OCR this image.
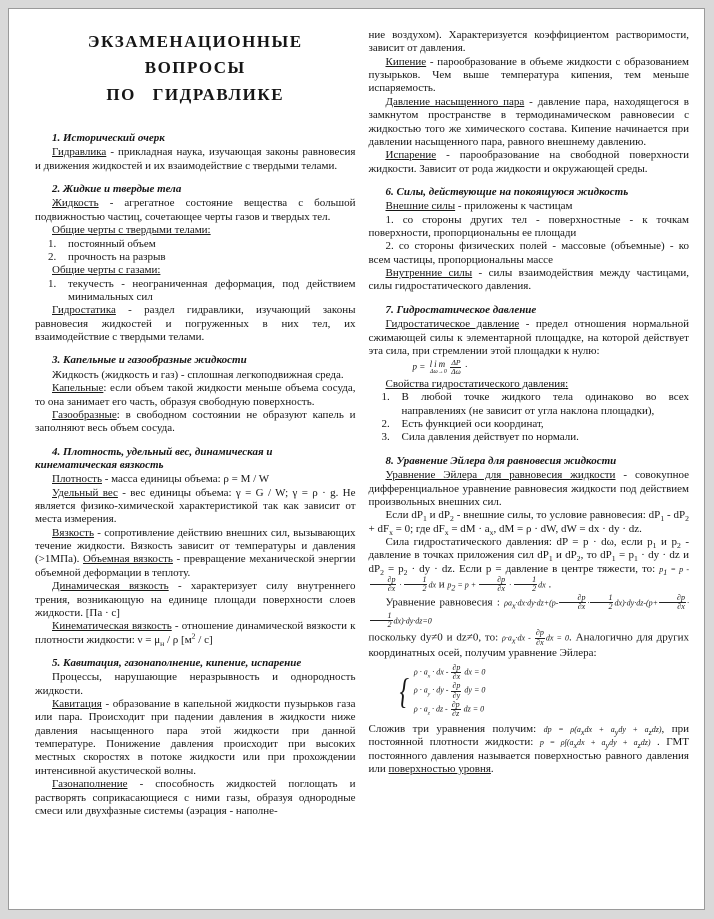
ЭКЗАМЕНАЦИОННЫЕ ВОПРОСЫ
ПО ГИДРАВЛИКЕ
1. Исторический очерк
Гидравлика - прикладная наука, изучающая законы равновесия и движения жидкостей и их взаимодействие с твердыми телами.
2. Жидкие и твердые тела
Жидкость - агрегатное состояние вещества с большой подвижностью частиц, сочетающее черты газов и твердых тел.
Общие черты с твердыми телами:
1.	постоянный объем
2.	прочность на разрыв
Общие черты с газами:
1.	текучесть - неограниченная деформация, под действием минимальных сил
Гидростатика - раздел гидравлики, изучающий законы равновесия жидкостей и погруженных в них тел, их взаимодействие с твердыми телами.
3. Капельные и газообразные жидкости
Жидкость (жидкость и газ) - сплошная легкоподвижная среда.
Капельные: если объем такой жидкости меньше объема сосуда, то она занимает его часть, образуя свободную поверхность.
Газообразные: в свободном состоянии не образуют капель и заполняют весь объем сосуда.
4. Плотность, удельный вес, динамическая и кинематическая вязкость
Плотность - масса единицы объема: ρ = M / W
Удельный вес - вес единицы объема: γ = G / W; γ = ρ · g. Не является физико-химической характеристикой так как зависит от места измерения.
Вязкость - сопротивление действию внешних сил, вызывающих течение жидкости. Вязкость зависит от температуры и давления (>1МПа). Объемная вязкость - превращение механической энергии объемной деформации в теплоту.
Динамическая вязкость - характеризует силу внутреннего трения, возникающую на единице площади поверхности слоев жидкости. [Па · с]
Кинематическая вязкость - отношение динамической вязкости к плотности жидкости: $\nu = \mu_н / \rho$ $[м^2 / с]$
5. Кавитация, газонаполнение, кипение, испарение
Процессы, нарушающие неразрывность и однородность жидкости.
Кавитация - образование в капельной жидкости пузырьков газа или пара. Происходит при падении давления в жидкости ниже давления насыщенного пара этой жидкости при данной температуре. Понижение давления происходит при высоких местных скоростях в потоке жидкости или при прохождении интенсивной акустической волны.
Газонаполнение - способность жидкостей поглощать и растворять соприкасающиеся с ними газы, образуя однородные смеси или двухфазные системы (аэрация - наполне-
ние воздухом). Характеризуется коэффициентом растворимости, зависит от давления.
Кипение - парообразование в объеме жидкости с образованием пузырьков. Чем выше температура кипения, тем меньше испаряемость.
Давление насыщенного пара - давление пара, находящегося в замкнутом пространстве в термодинамическом равновесии с жидкостью того же химического состава. Кипение начинается при давлении насыщенного пара, равного внешнему давлению.
Испарение - парообразование на свободной поверхности жидкости. Зависит от рода жидкости и окружающей среды.
6. Силы, действующие на покоящуюся жидкость
Внешние силы - приложены к частицам
1. со стороны других тел - поверхностные - к точкам поверхности, пропорциональны ее площади
2. со стороны физических полей - массовые (объемные) - ко всем частицы, пропорциональны массе
Внутренние силы - силы взаимодействия между частицами, силы гидростатического давления.
7. Гидростатическое давление
Гидростатическое давление - предел отношения нормальной сжимающей силы к элементарной площадке, на которой действует эта сила, при стремлении этой площадки к нулю:
p = lim
$\Delta\omega\to 0 \frac{\Delta P}{\Delta\omega}$ ·
Свойства гидростатического давления:
1.	В любой точке жидкого тела одинаково во всех направлениях (не зависит от угла наклона площадки),
2.	Есть функцией оси координат,
3.	Сила давления действует по нормали.
8. Уравнение Эйлера для равновесия жидкости
Уравнение Эйлера для равновесия жидкости - совокупное дифференциальное уравнение равновесия жидкости под действием произвольных внешних сил.
Если $dP_1$ и $dP_2$ - внешние силы, то условие равновесия: $dP_1 - dP_2 + dF_x = 0$; где $dF_x$ = dM · $a_x$, dM = ρ · dW, dW = dx · dy · dz.
Сила гидростатического давления: dP = p · dω, если $p_1$ и $p_2$ - давление в точках приложения сил $dP_1$ и $dP_2$, то $dP_1 = p_1$ · dy · dz и $dP_2 = p_2$ · dy · dz. Если p = давление в центре тяжести, то: $p_1 = p$ -
$\frac{\partial p}{\partial x} \cdot \frac{1}{2}$ dx и $p_2 = p + \frac{\partial p}{\partial x} \cdot \frac{1}{2}$ dx .
Уравнение равновесия : $\rho a_x\cdot dx\cdot dy\cdot dz+(p- \frac{\partial p}{\partial x} \cdot \frac{1}{2} dx)\cdot dy\cdot dz-(p+ \frac{\partial p}{\partial x}$ ·
$\frac{1}{2} dx)\cdot dy\cdot dz=0$
поскольку dy≠0 и dz≠0, то: $\rho\cdot a_x\cdot dx - \frac{\partial p}{\partial x}$ dx = 0. Аналогично для других координатных осей, получим уравнение Эйлера:
{ $\rho \cdot a_x$ · dx - $\frac{\partial p}{\partial x}$ dx = 0
$\rho \cdot a_y$ · dy - $\frac{\partial p}{\partial y}$ dy = 0
$\rho \cdot a_z$ · dz - $\frac{\partial p}{\partial z}$ dz = 0
Сложив три уравнения получим: dp = $\rho(a_xdx + a_ydy + a_zdz)$, при постоянной плотности жидкости: $p = \rho\int(a_xdx + a_ydy + a_zdz)$ . ГМТ постоянного давления называется поверхностью равного давления или поверхностью уровня.
